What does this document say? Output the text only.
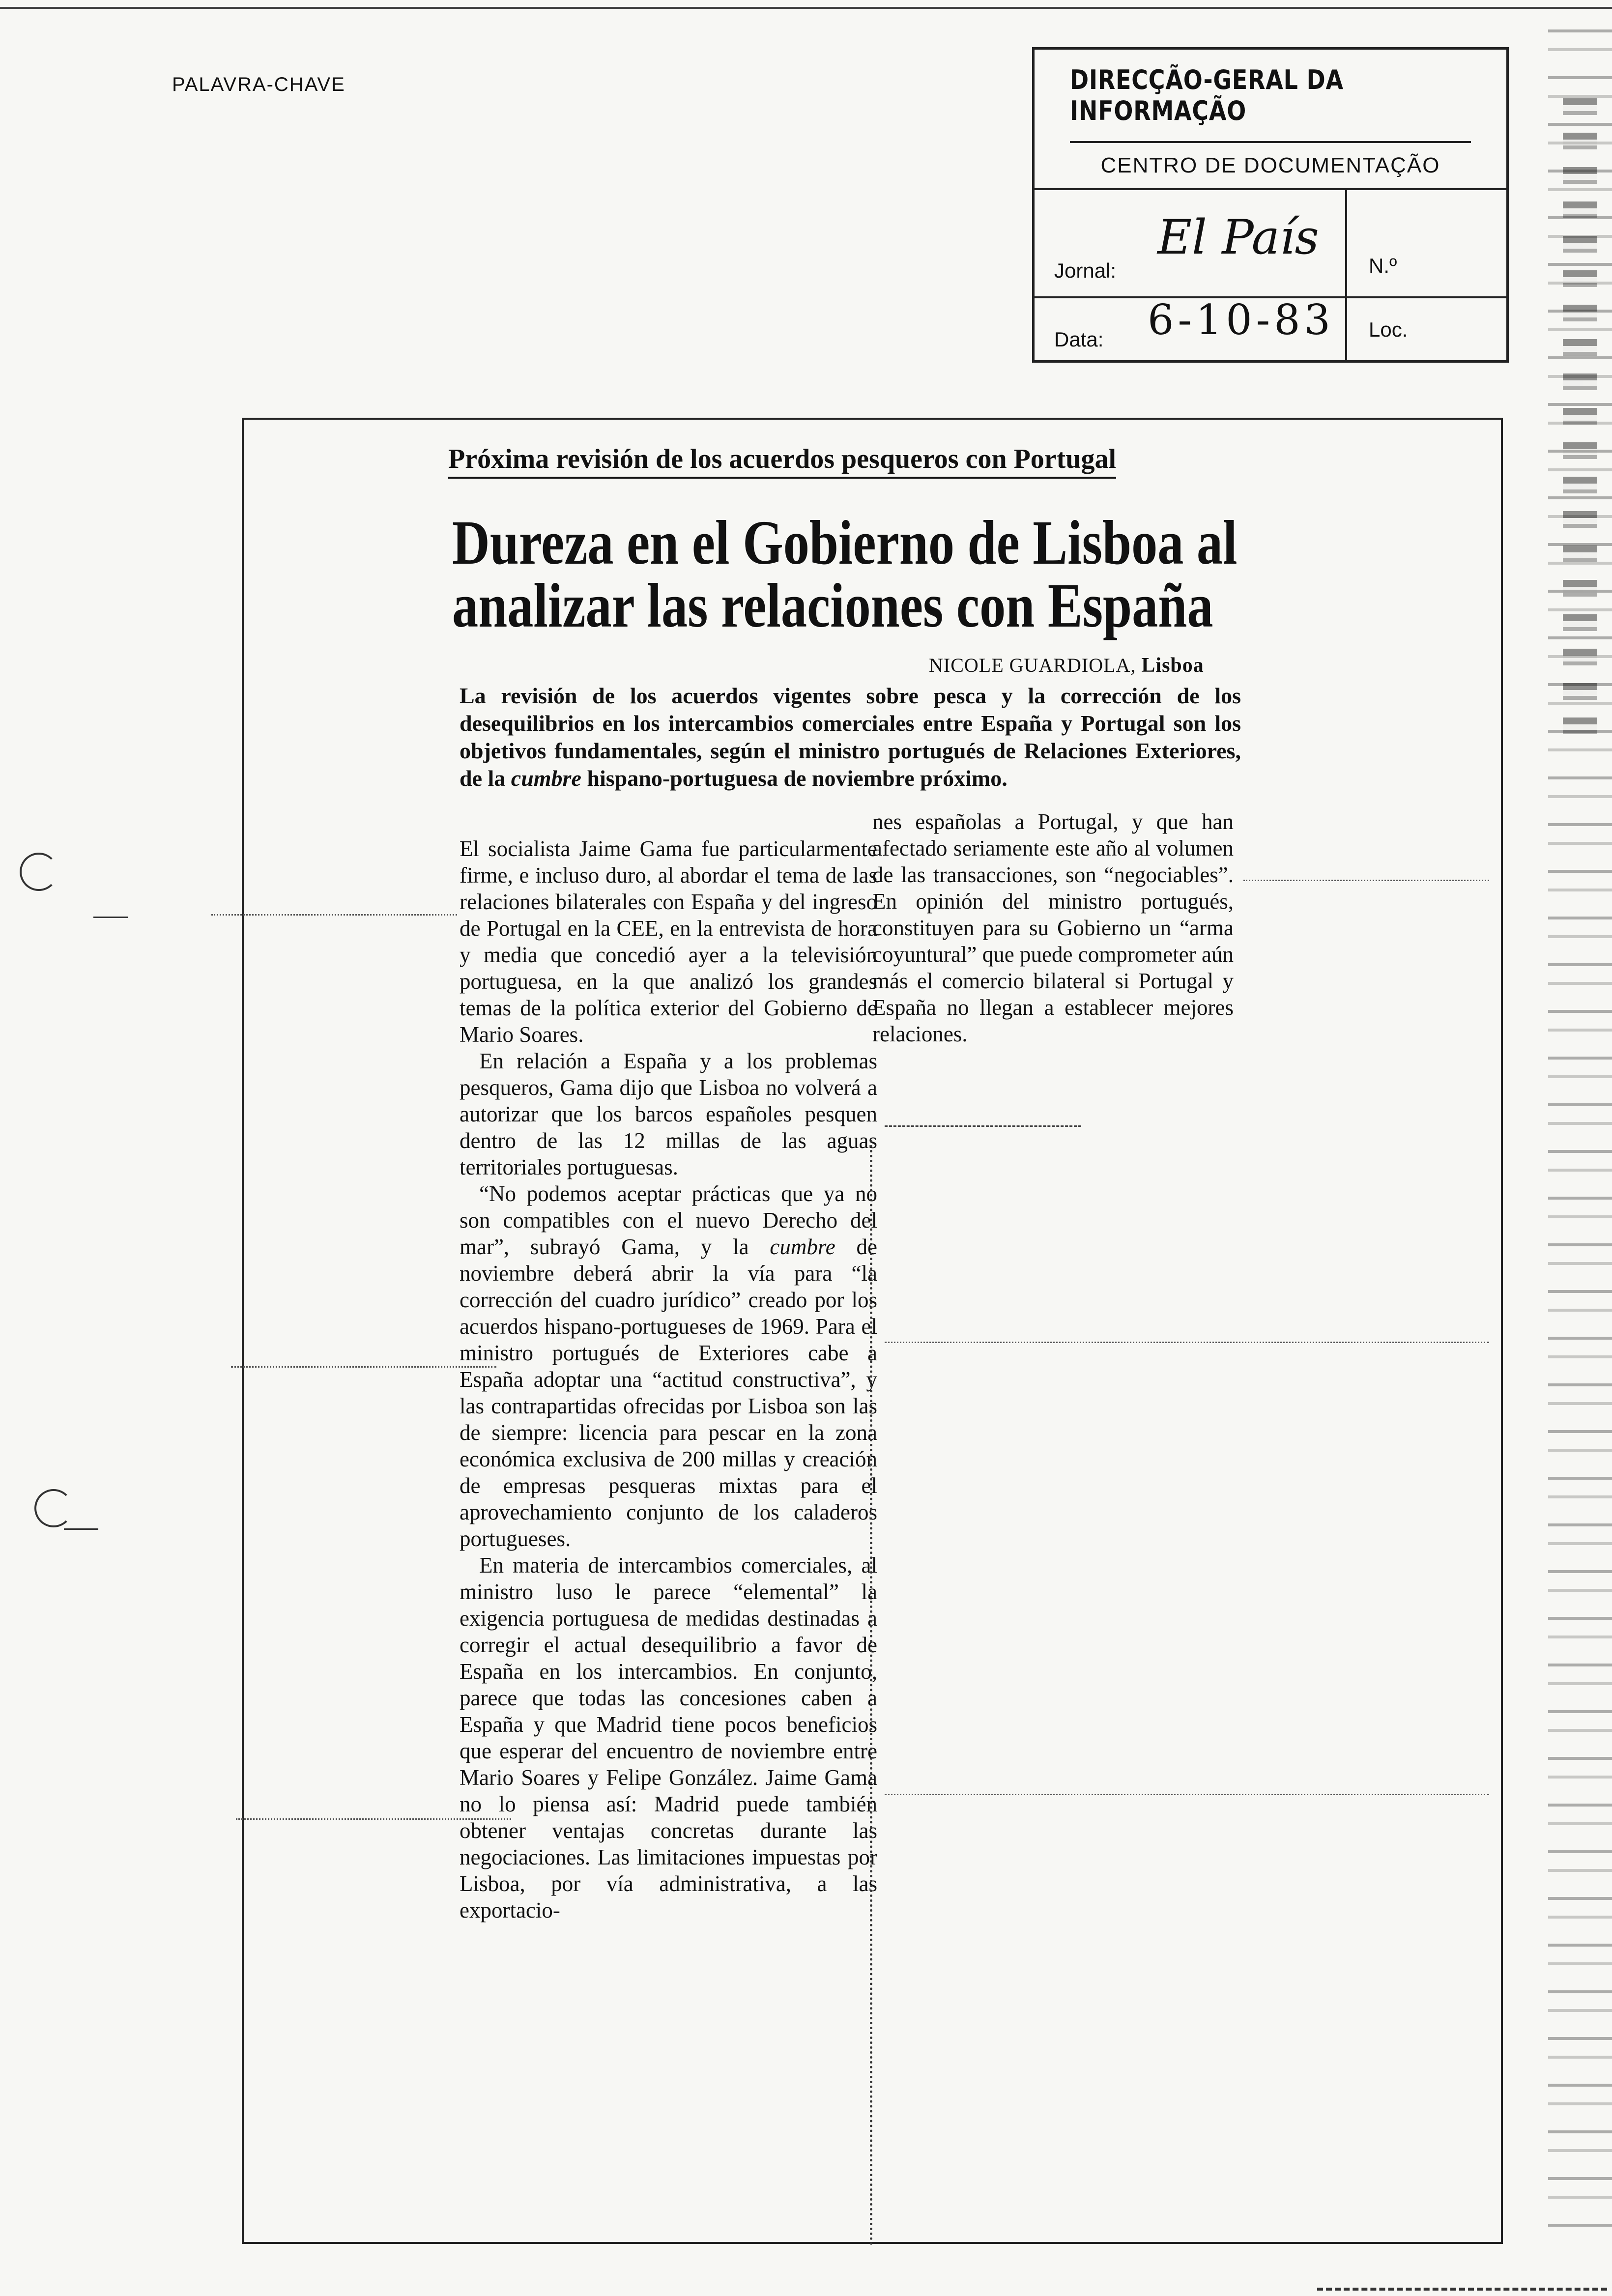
PALAVRA-CHAVE	DIRECÇÃO-GERAL DA INFORMAÇÃO
CENTRO DE DOCUMENTAÇÃO
Jornal:
El País
N.º
Data: 6-10-83 Loc.
Próxima revisión de los acuerdos pesqueros con Portugal
Dureza en el Gobierno de Lisboa al
analizar las relaciones con España
NICOLE GUARDIOLA, Lisboa

La revisión de los acuerdos vigentes sobre pesca y la corrección de los desequilibrios en los intercambios comerciales entre España y Portugal son los objetivos fundamentales, según el ministro portugués de Relaciones Exteriores, de la cumbre hispano-portuguesa de noviembre próximo.

El socialista Jaime Gama fue particularmente firme, e incluso duro, al abordar el tema de las relaciones bilaterales con España y del ingreso de Portugal en la CEE, en la entrevista de hora y media que concedió ayer a la televisión portuguesa, en la que analizó los grandes temas de la política exterior del Gobierno de Mario Soares.

En relación a España y a los problemas pesqueros, Gama dijo que Lisboa no volverá a autorizar que los barcos españoles pesquen dentro de las 12 millas de las aguas territoriales portuguesas.

“No podemos aceptar prácticas que ya no son compatibles con el nuevo Derecho del mar”, subrayó Gama, y la cumbre de noviembre deberá abrir la vía para “la corrección del cuadro jurídico” creado por los acuerdos hispano-portugueses de 1969. Para el ministro portugués de Exteriores cabe a España adoptar una “actitud constructiva”, y las contrapartidas ofrecidas por Lisboa son las de siempre: licencia para pescar en la zona económica exclusiva de 200 millas y creación de empresas pesqueras mixtas para el aprovechamiento conjunto de los caladeros portugueses.

En materia de intercambios comerciales, al ministro luso le parece “elemental” la exigencia portuguesa de medidas destinadas a corregir el actual desequilibrio a favor de España en los intercambios. En conjunto, parece que todas las concesiones caben a España y que Madrid tiene pocos beneficios que esperar del encuentro de noviembre entre Mario Soares y Felipe González. Jaime Gama no lo piensa así: Madrid puede también obtener ventajas concretas durante las negociaciones. Las limitaciones impuestas por Lisboa, por vía administrativa, a las exportacio-

nes españolas a Portugal, y que han afectado seriamente este año al volumen de las transacciones, son “negociables”. En opinión del ministro portugués, constituyen para su Gobierno un “arma coyuntural” que puede comprometer aún más el comercio bilateral si Portugal y España no llegan a establecer mejores relaciones.
